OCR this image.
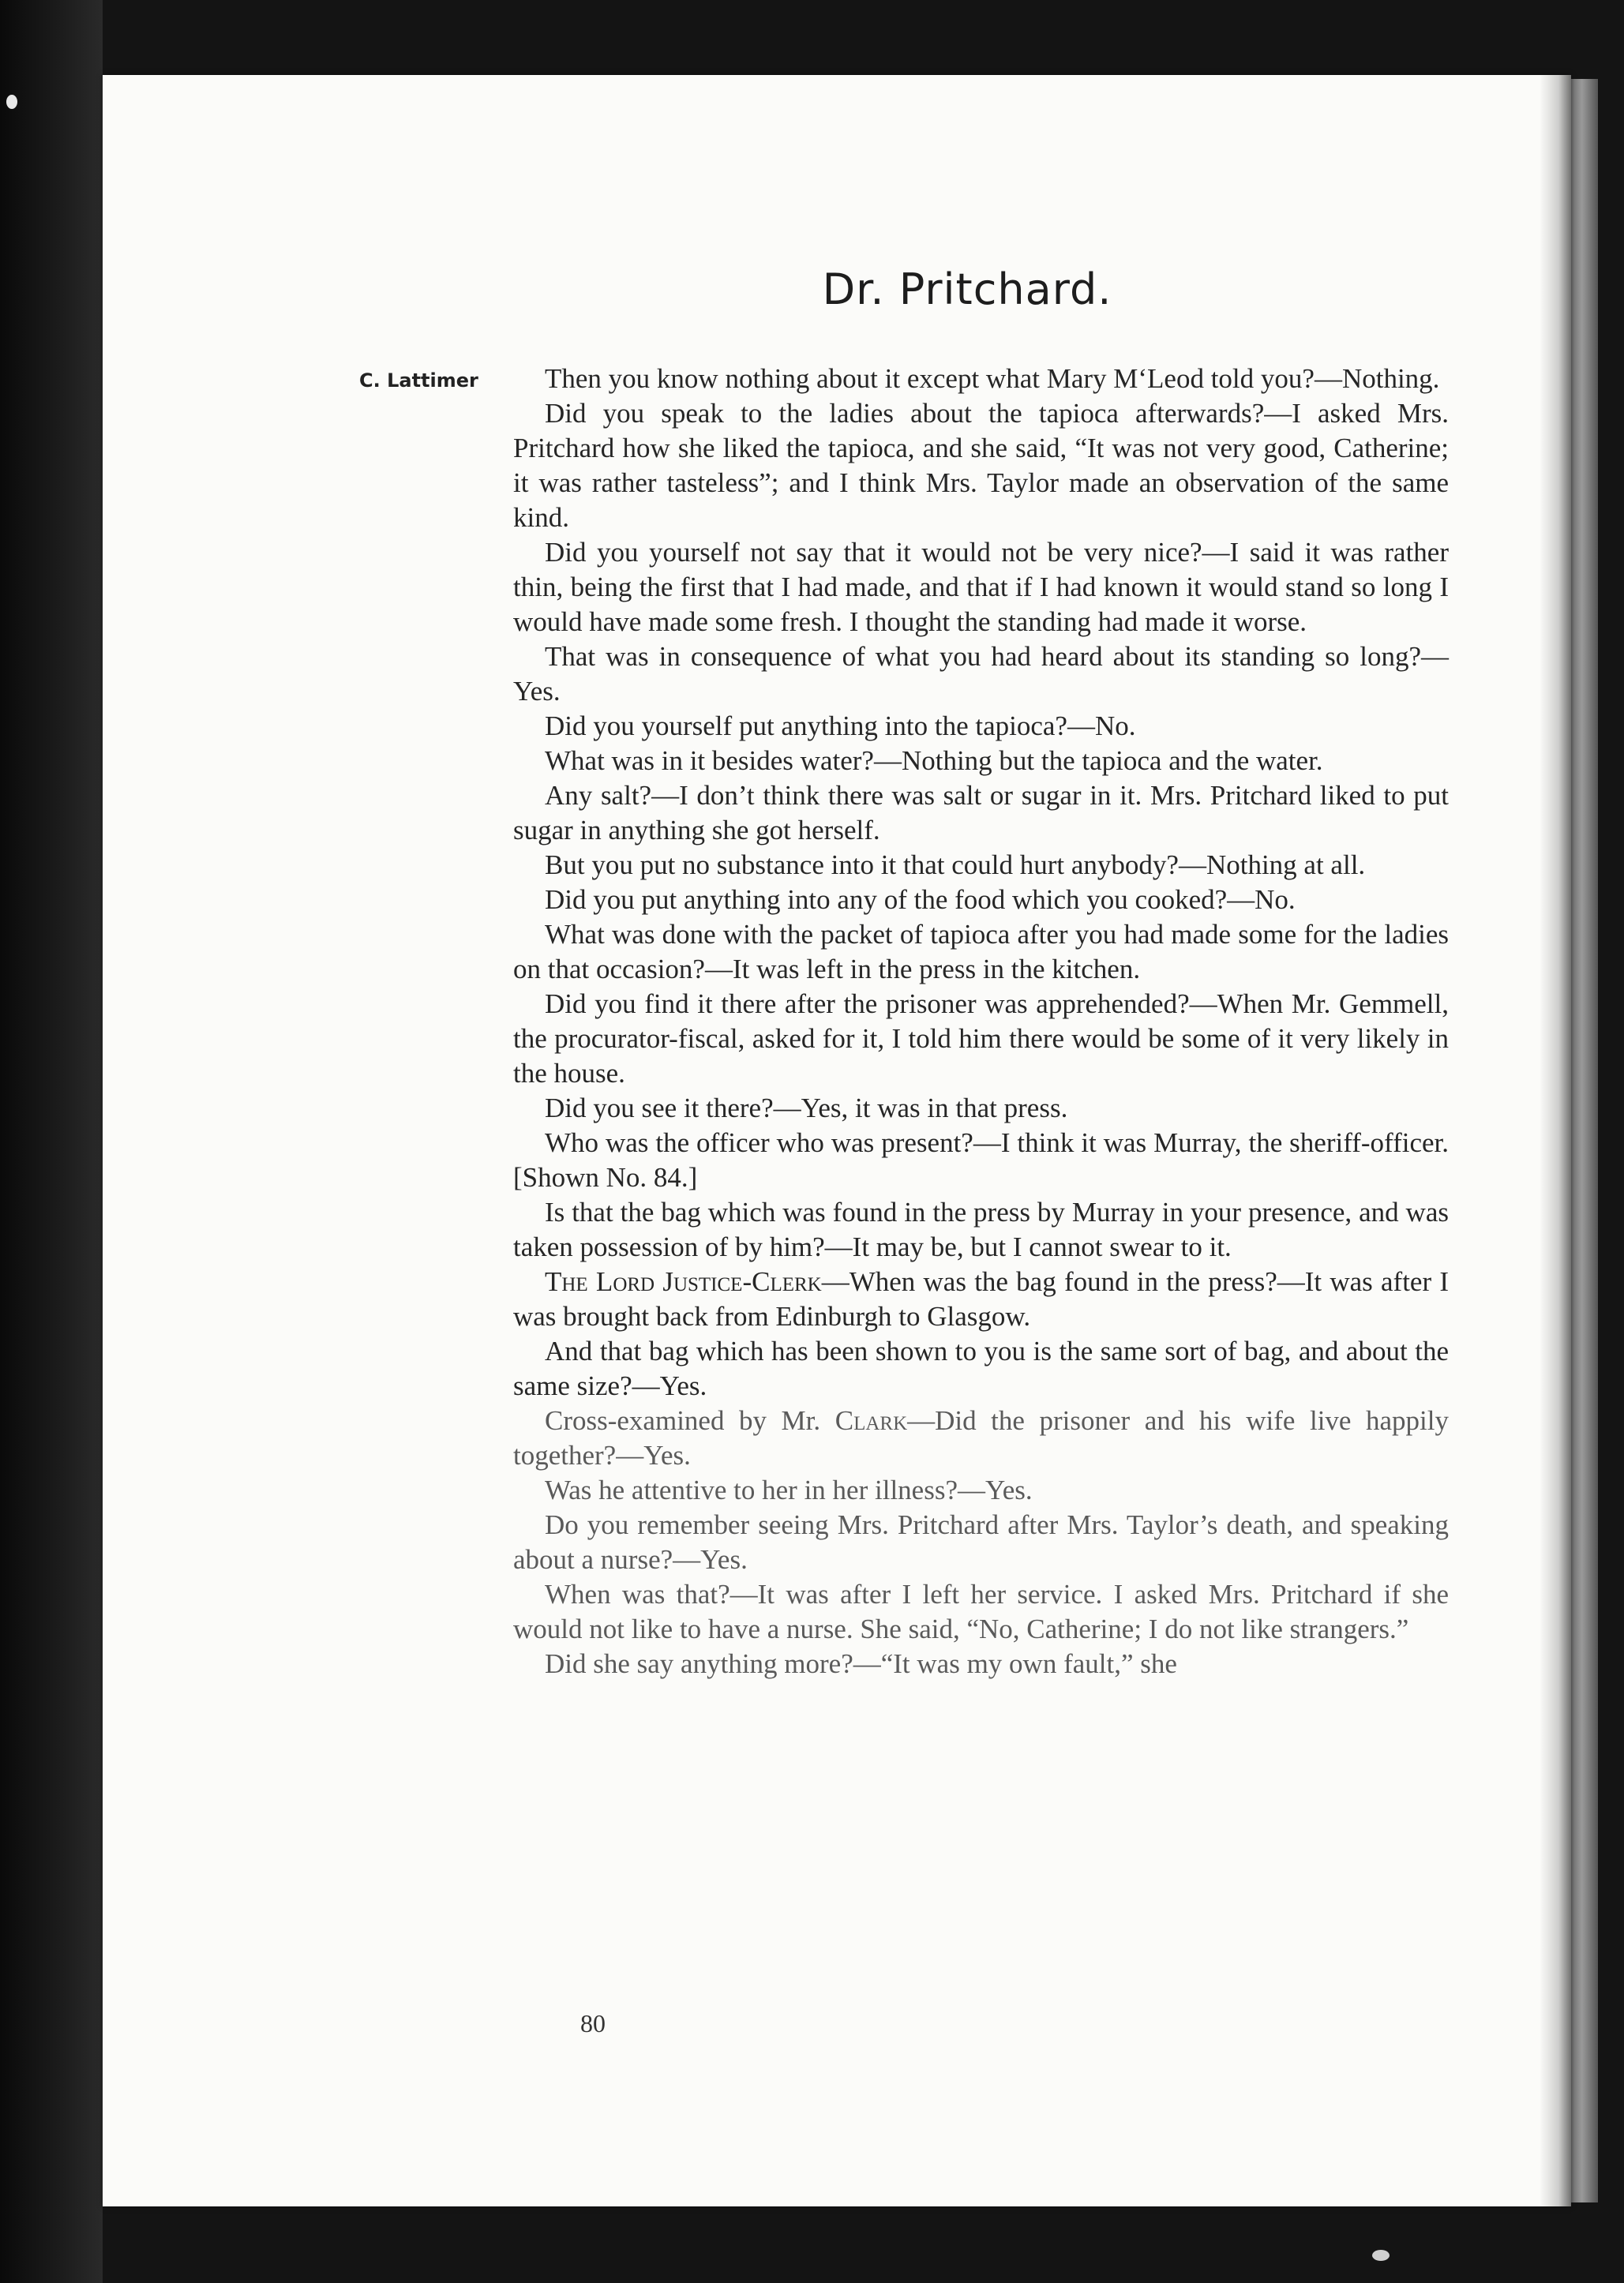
Dr. Pritchard.
C. Lattimer	Then you know nothing about it except what Mary M‘Leod told you?—Nothing.

Did you speak to the ladies about the tapioca afterwards?—I asked Mrs. Pritchard how she liked the tapioca, and she said, “It was not very good, Catherine; it was rather tasteless”; and I think Mrs. Taylor made an observation of the same kind.

Did you yourself not say that it would not be very nice?—I said it was rather thin, being the first that I had made, and that if I had known it would stand so long I would have made some fresh. I thought the standing had made it worse.

That was in consequence of what you had heard about its standing so long?—Yes.

Did you yourself put anything into the tapioca?—No.

What was in it besides water?—Nothing but the tapioca and the water.

Any salt?—I don’t think there was salt or sugar in it. Mrs. Pritchard liked to put sugar in anything she got herself.

But you put no substance into it that could hurt anybody?—Nothing at all.

Did you put anything into any of the food which you cooked?—No.

What was done with the packet of tapioca after you had made some for the ladies on that occasion?—It was left in the press in the kitchen.

Did you find it there after the prisoner was apprehended?—When Mr. Gemmell, the procurator-fiscal, asked for it, I told him there would be some of it very likely in the house.

Did you see it there?—Yes, it was in that press.

Who was the officer who was present?—I think it was Murray, the sheriff-officer. [Shown No. 84.]

Is that the bag which was found in the press by Murray in your presence, and was taken possession of by him?—It may be, but I cannot swear to it.

The Lord Justice-Clerk—When was the bag found in the press?—It was after I was brought back from Edinburgh to Glasgow.

And that bag which has been shown to you is the same sort of bag, and about the same size?—Yes.

Cross-examined by Mr. Clark—Did the prisoner and his wife live happily together?—Yes.

Was he attentive to her in her illness?—Yes.

Do you remember seeing Mrs. Pritchard after Mrs. Taylor’s death, and speaking about a nurse?—Yes.

When was that?—It was after I left her service. I asked Mrs. Pritchard if she would not like to have a nurse. She said, “No, Catherine; I do not like strangers.”

Did she say anything more?—“It was my own fault,” she

80
